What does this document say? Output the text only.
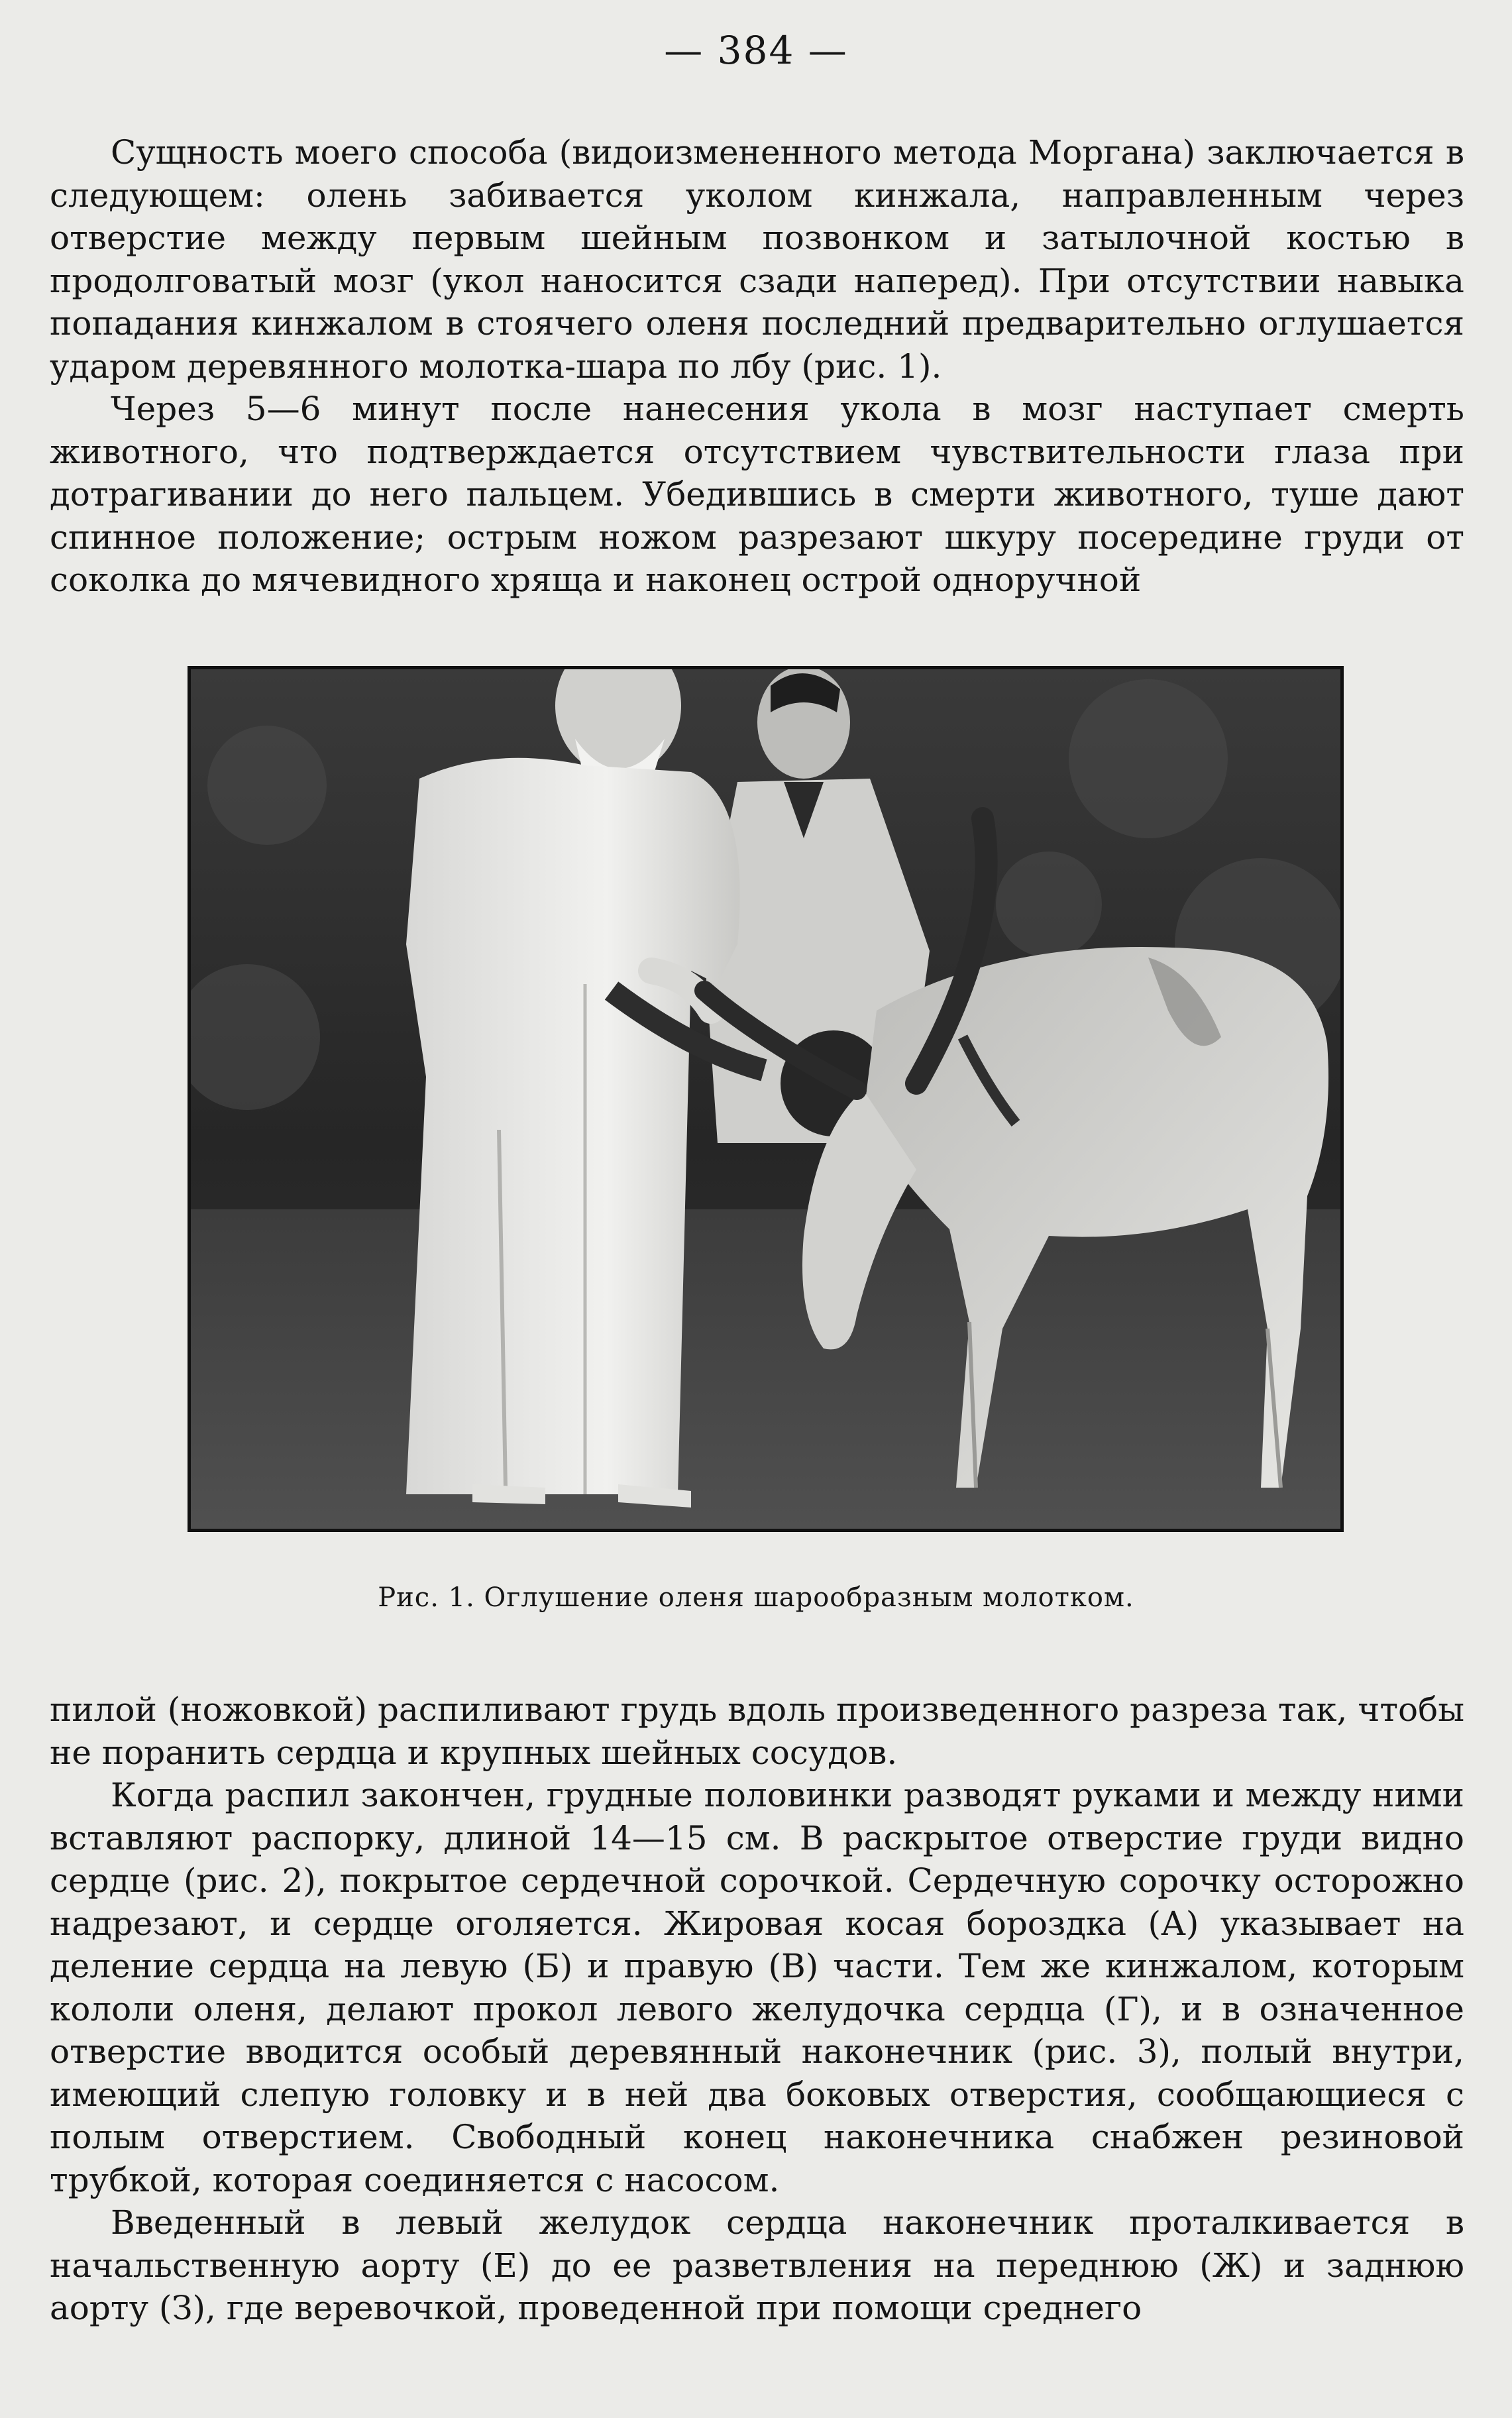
— 384 —

Сущность моего способа (видоизмененного метода Моргана) заключается в следующем: олень забивается уколом кинжала, направленным через отверстие между первым шейным позвонком и затылочной костью в продолговатый мозг (укол наносится сзади наперед). При отсутствии навыка попадания кинжалом в стоячего оленя последний предварительно оглушается ударом деревянного молотка-шара по лбу (рис. 1).

Через 5—6 минут после нанесения укола в мозг наступает смерть животного, что подтверждается отсутствием чувствительности глаза при дотрагивании до него пальцем. Убедившись в смерти животного, туше дают спинное положение; острым ножом разрезают шкуру посередине груди от соколка до мячевидного хряща и наконец острой одноручной

Рис. 1. Оглушение оленя шарообразным молотком.

пилой (ножовкой) распиливают грудь вдоль произведенного разреза так, чтобы не поранить сердца и крупных шейных сосудов.

Когда распил закончен, грудные половинки разводят руками и между ними вставляют распорку, длиной 14—15 см. В раскрытое отверстие груди видно сердце (рис. 2), покрытое сердечной сорочкой. Сердечную сорочку осторожно надрезают, и сердце оголяется. Жировая косая бороздка (А) указывает на деление сердца на левую (Б) и правую (В) части. Тем же кинжалом, которым кололи оленя, делают прокол левого желудочка сердца (Г), и в означенное отверстие вводится особый деревянный наконечник (рис. 3), полый внутри, имеющий слепую головку и в ней два боковых отверстия, сообщающиеся с полым отверстием. Свободный конец наконечника снабжен резиновой трубкой, которая соединяется с насосом.

Введенный в левый желудок сердца наконечник проталкивается в начальственную аорту (Е) до ее разветвления на переднюю (Ж) и заднюю аорту (З), где веревочкой, проведенной при помощи среднего
